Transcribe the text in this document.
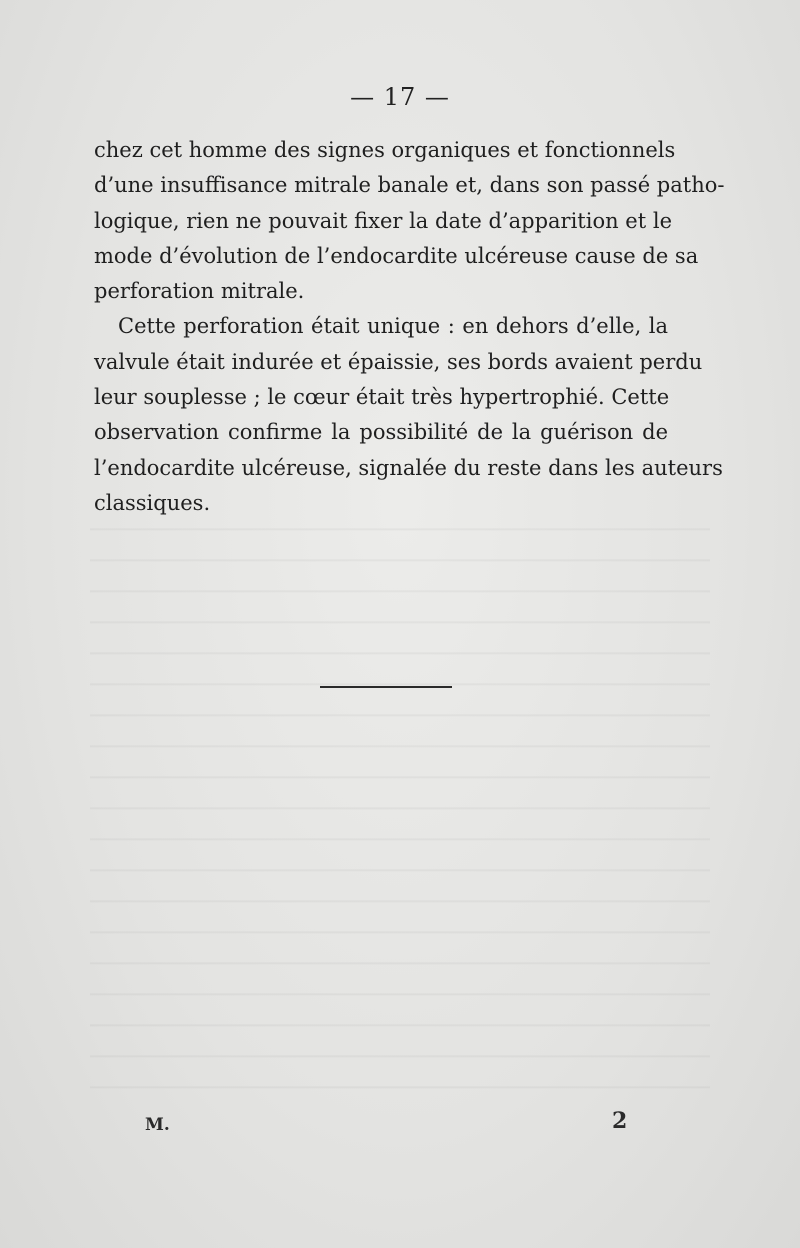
— 17 —
chez cet homme des signes organiques et fonctionnels
d’une insuffisance mitrale banale et, dans son passé patho-
logique, rien ne pouvait fixer la date d’apparition et le
mode d’évolution de l’endocardite ulcéreuse cause de sa
perforation mitrale.
Cette perforation était unique : en dehors d’elle, la
valvule était indurée et épaissie, ses bords avaient perdu
leur souplesse ; le cœur était très hypertrophié. Cette
observation confirme la possibilité de la guérison de
l’endocardite ulcéreuse, signalée du reste dans les auteurs
classiques.
M.	2
